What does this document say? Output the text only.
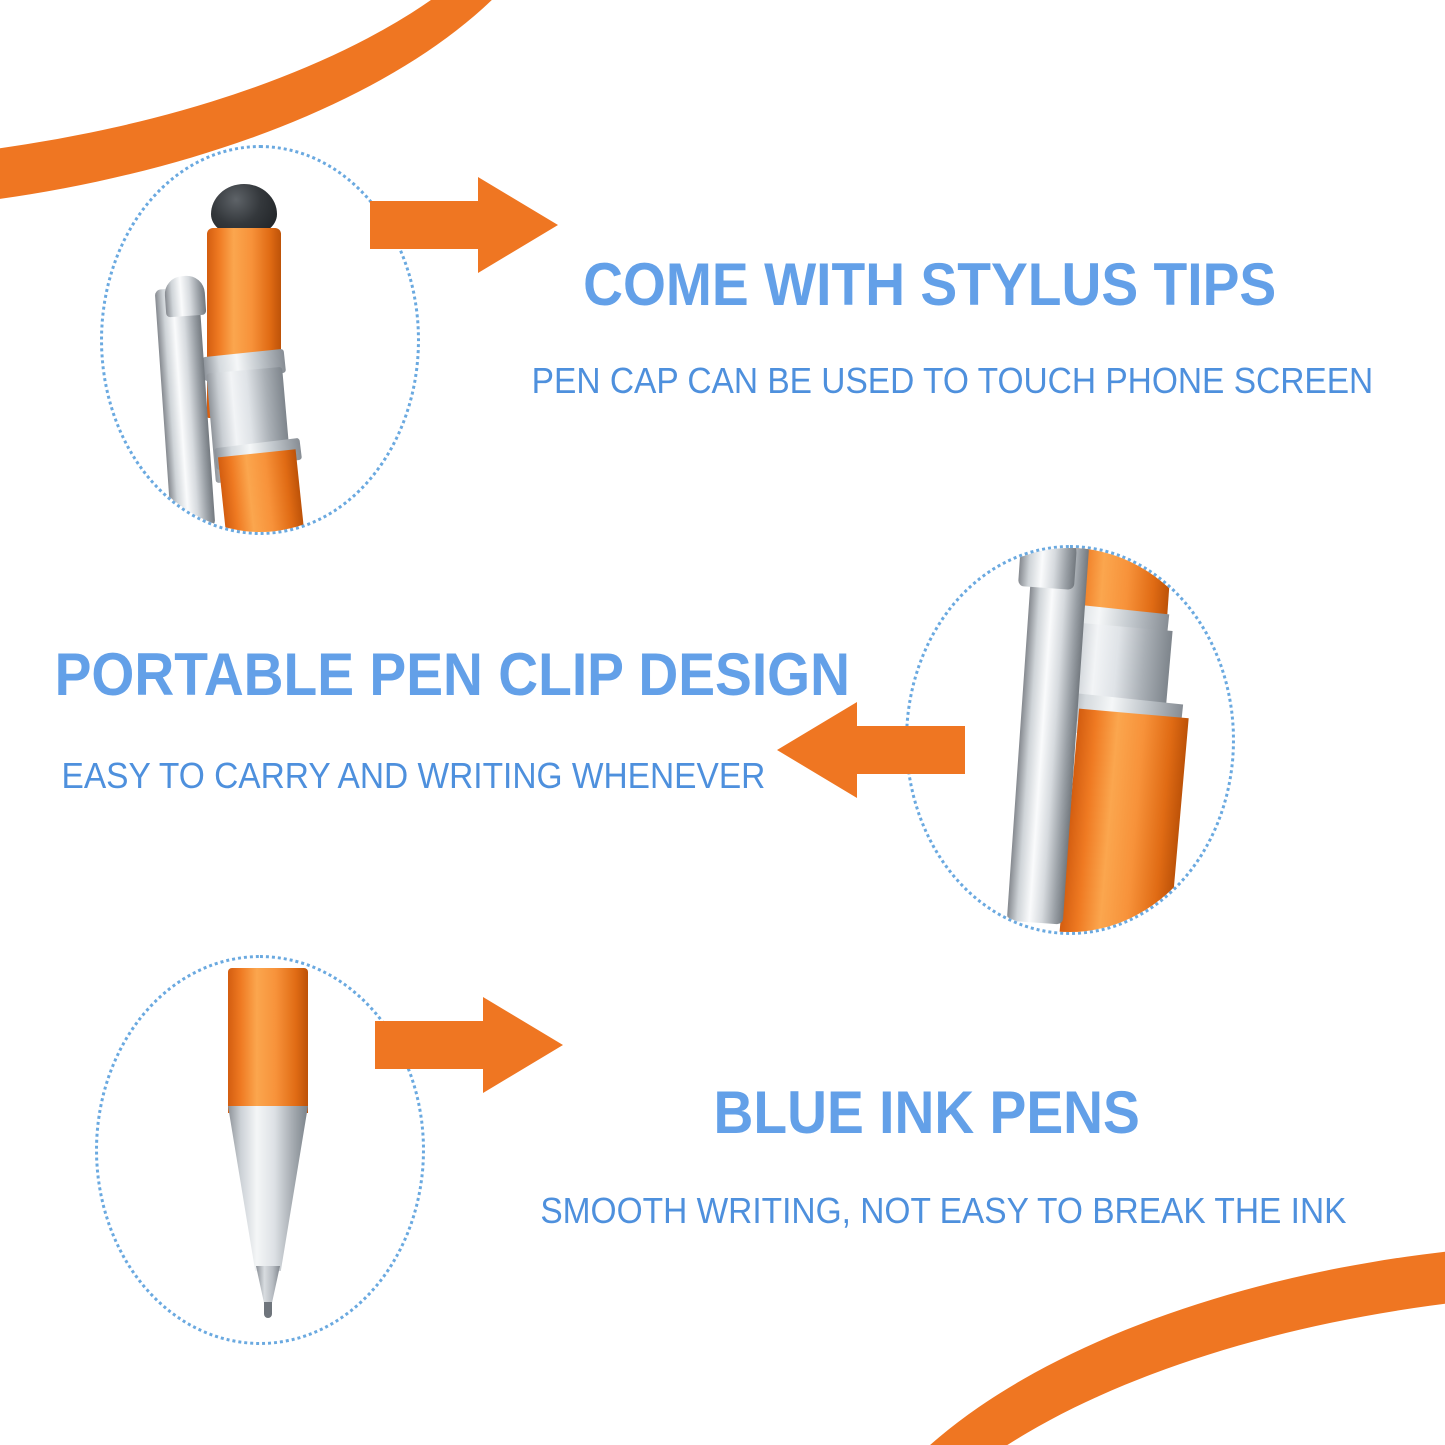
COME WITH STYLUS TIPS
PEN CAP CAN BE USED TO TOUCH PHONE SCREEN
PORTABLE PEN CLIP DESIGN
EASY TO CARRY AND WRITING WHENEVER
BLUE INK PENS
SMOOTH WRITING, NOT EASY TO BREAK THE INK
